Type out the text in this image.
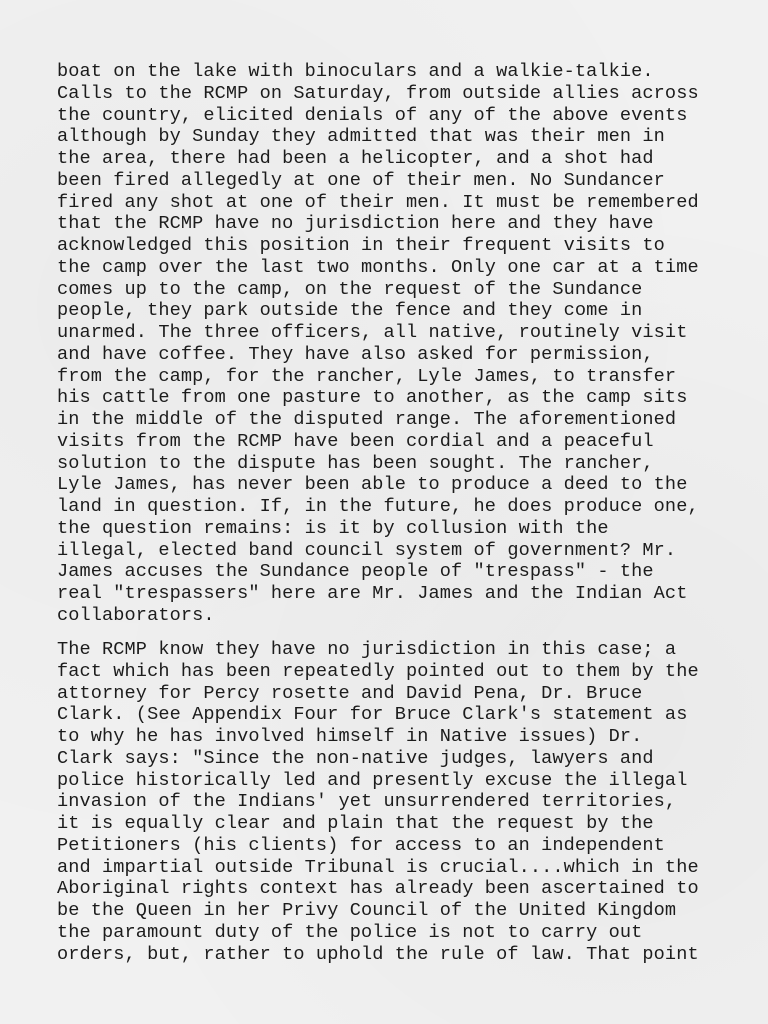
boat on the lake with binoculars and a walkie-talkie.
Calls to the RCMP on Saturday, from outside allies across
the country, elicited denials of any of the above events
although by Sunday they admitted that was their men in
the area, there had been a helicopter, and a shot had
been fired allegedly at one of their men. No Sundancer
fired any shot at one of their men. It must be remembered
that the RCMP have no jurisdiction here and they have
acknowledged this position in their frequent visits to
the camp over the last two months. Only one car at a time
comes up to the camp, on the request of the Sundance
people, they park outside the fence and they come in
unarmed. The three officers, all native, routinely visit
and have coffee. They have also asked for permission,
from the camp, for the rancher, Lyle James, to transfer
his cattle from one pasture to another, as the camp sits
in the middle of the disputed range. The aforementioned
visits from the RCMP have been cordial and a peaceful
solution to the dispute has been sought. The rancher,
Lyle James, has never been able to produce a deed to the
land in question. If, in the future, he does produce one,
the question remains: is it by collusion with the
illegal, elected band council system of government? Mr.
James accuses the Sundance people of "trespass" - the
real "trespassers" here are Mr. James and the Indian Act
collaborators.
The RCMP know they have no jurisdiction in this case; a
fact which has been repeatedly pointed out to them by the
attorney for Percy rosette and David Pena, Dr. Bruce
Clark. (See Appendix Four for Bruce Clark's statement as
to why he has involved himself in Native issues) Dr.
Clark says: "Since the non-native judges, lawyers and
police historically led and presently excuse the illegal
invasion of the Indians' yet unsurrendered territories,
it is equally clear and plain that the request by the
Petitioners (his clients) for access to an independent
and impartial outside Tribunal is crucial....which in the
Aboriginal rights context has already been ascertained to
be the Queen in her Privy Council of the United Kingdom
the paramount duty of the police is not to carry out
orders, but, rather to uphold the rule of law. That point
